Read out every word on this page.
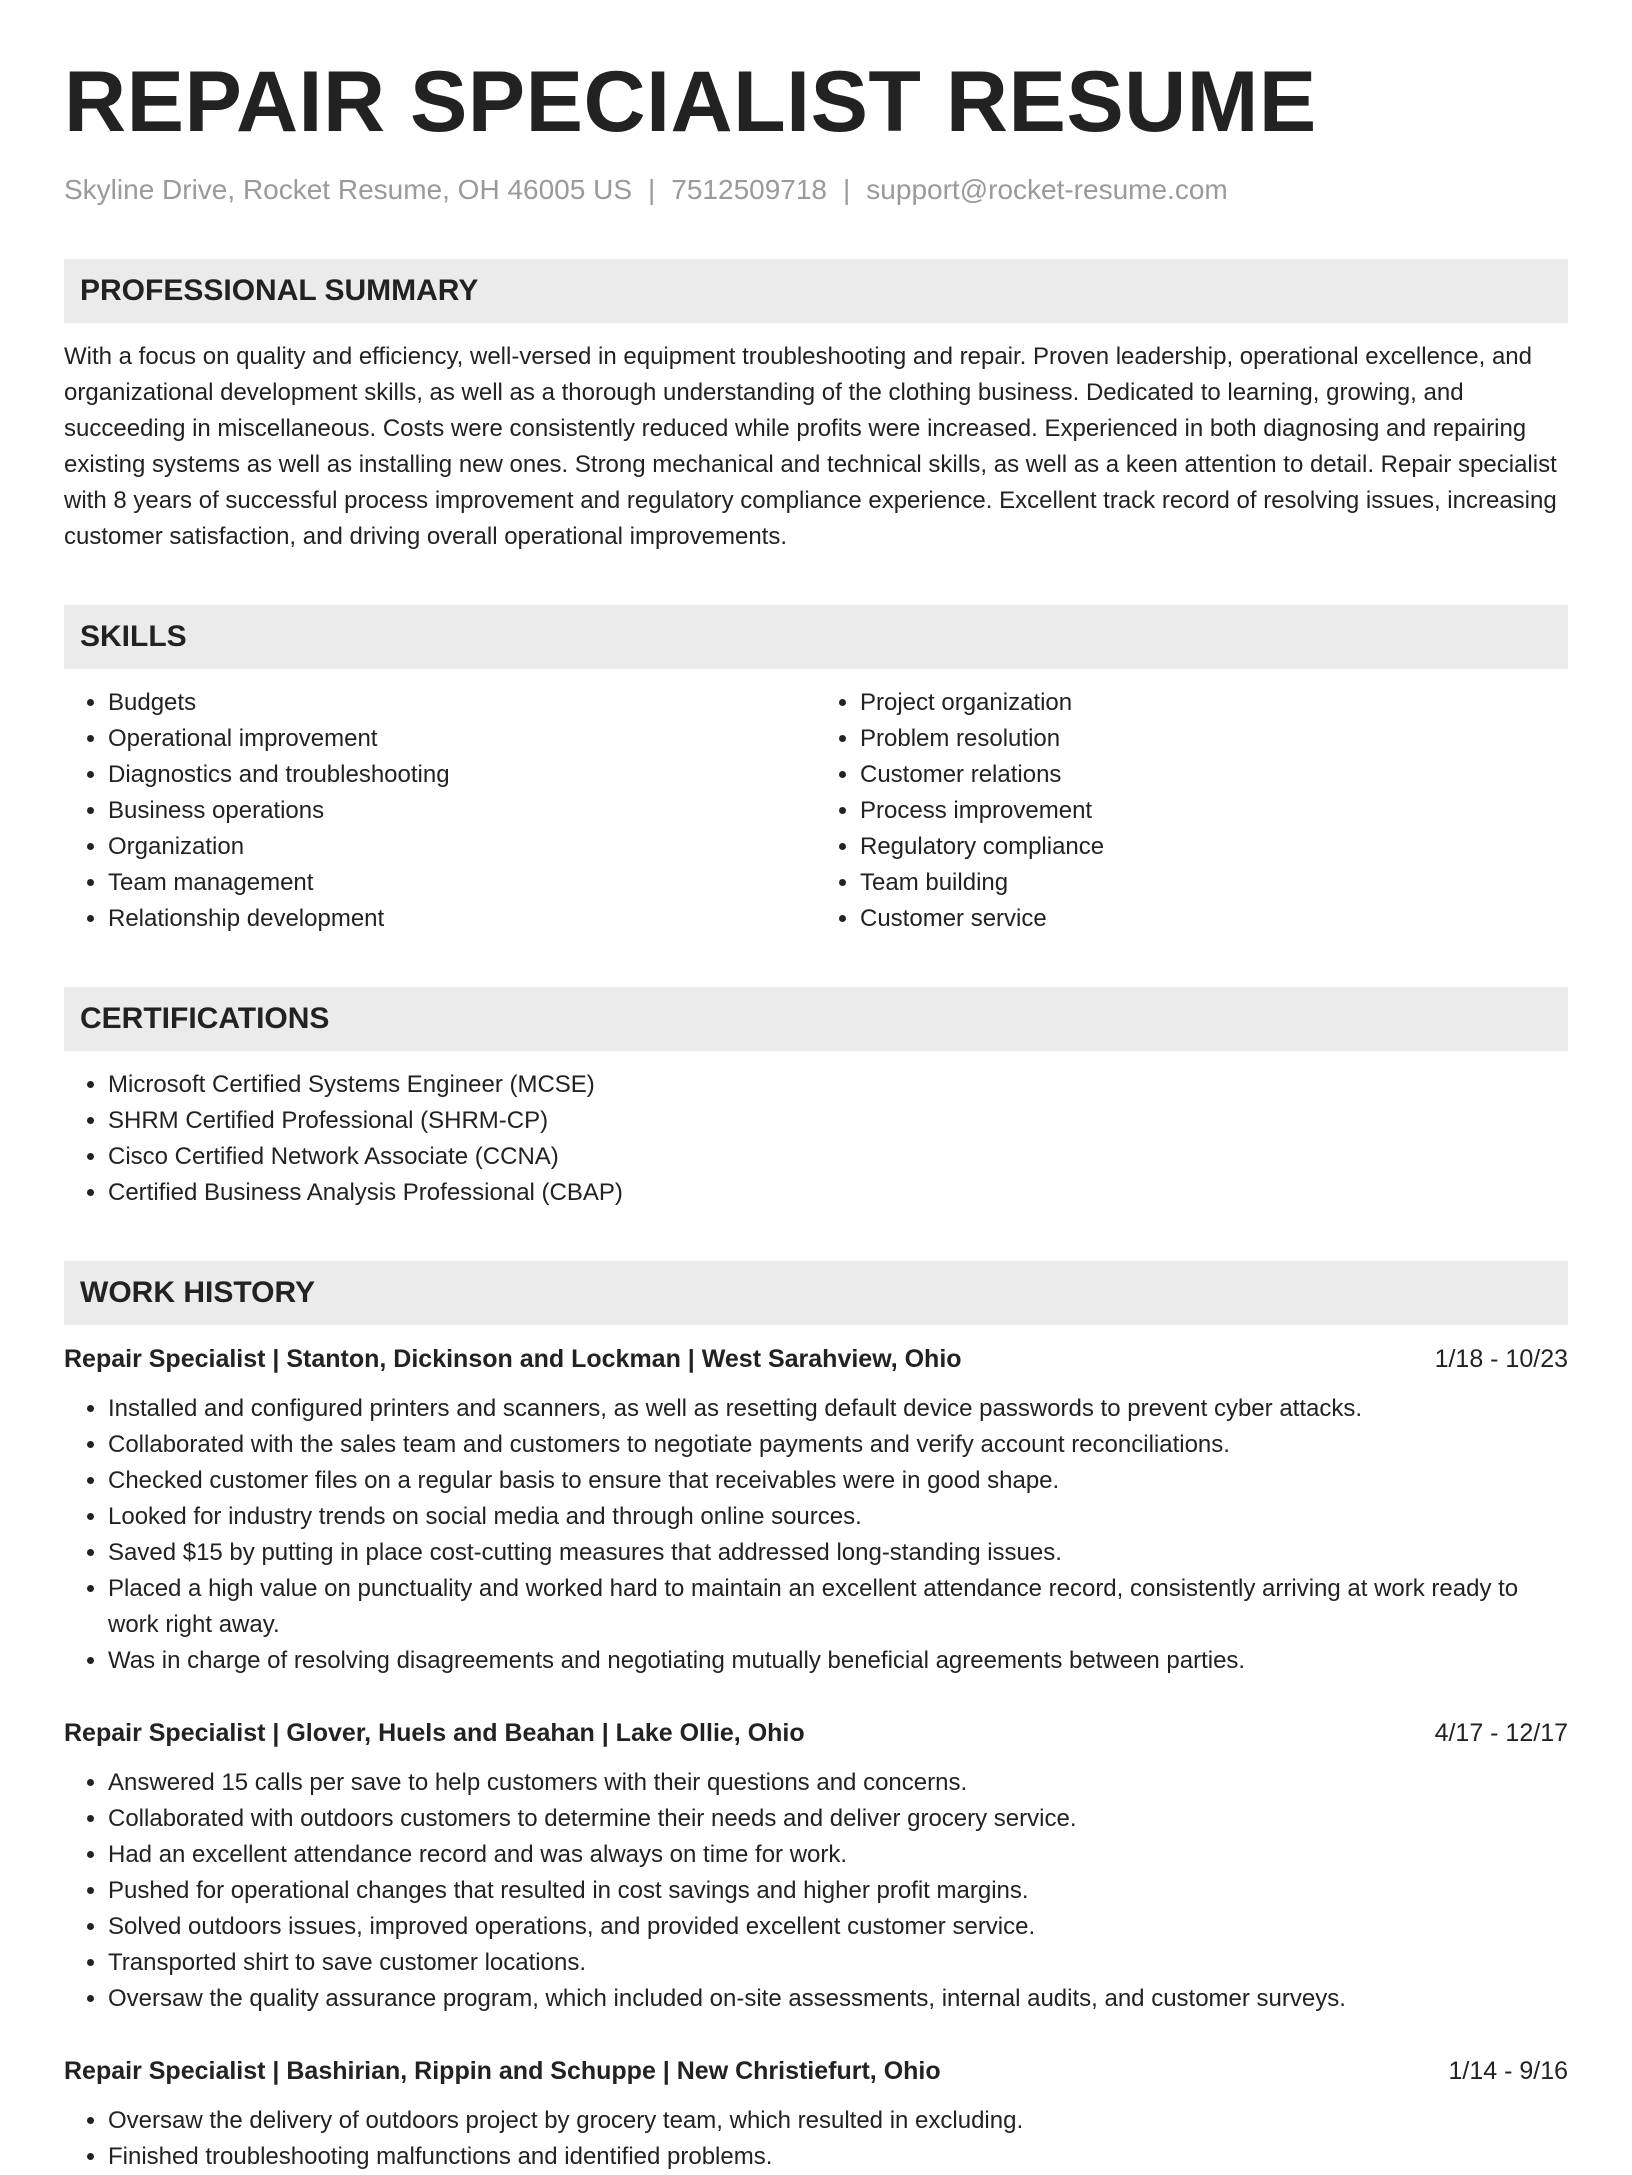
REPAIR SPECIALIST RESUME
Skyline Drive, Rocket Resume, OH 46005 US | 7512509718 | support@rocket-resume.com
PROFESSIONAL SUMMARY
With a focus on quality and efficiency, well-versed in equipment troubleshooting and repair. Proven leadership, operational excellence, and organizational development skills, as well as a thorough understanding of the clothing business. Dedicated to learning, growing, and succeeding in miscellaneous. Costs were consistently reduced while profits were increased. Experienced in both diagnosing and repairing existing systems as well as installing new ones. Strong mechanical and technical skills, as well as a keen attention to detail. Repair specialist with 8 years of successful process improvement and regulatory compliance experience. Excellent track record of resolving issues, increasing customer satisfaction, and driving overall operational improvements.
SKILLS
• Budgets
• Operational improvement
• Diagnostics and troubleshooting
• Business operations
• Organization
• Team management
• Relationship development
• Project organization
• Problem resolution
• Customer relations
• Process improvement
• Regulatory compliance
• Team building
• Customer service
CERTIFICATIONS
• Microsoft Certified Systems Engineer (MCSE)
• SHRM Certified Professional (SHRM-CP)
• Cisco Certified Network Associate (CCNA)
• Certified Business Analysis Professional (CBAP)
WORK HISTORY
Repair Specialist | Stanton, Dickinson and Lockman | West Sarahview, Ohio	1/18 - 10/23
• Installed and configured printers and scanners, as well as resetting default device passwords to prevent cyber attacks.
• Collaborated with the sales team and customers to negotiate payments and verify account reconciliations.
• Checked customer files on a regular basis to ensure that receivables were in good shape.
• Looked for industry trends on social media and through online sources.
• Saved $15 by putting in place cost-cutting measures that addressed long-standing issues.
• Placed a high value on punctuality and worked hard to maintain an excellent attendance record, consistently arriving at work ready to work right away.
• Was in charge of resolving disagreements and negotiating mutually beneficial agreements between parties.
Repair Specialist | Glover, Huels and Beahan | Lake Ollie, Ohio	4/17 - 12/17
• Answered 15 calls per save to help customers with their questions and concerns.
• Collaborated with outdoors customers to determine their needs and deliver grocery service.
• Had an excellent attendance record and was always on time for work.
• Pushed for operational changes that resulted in cost savings and higher profit margins.
• Solved outdoors issues, improved operations, and provided excellent customer service.
• Transported shirt to save customer locations.
• Oversaw the quality assurance program, which included on-site assessments, internal audits, and customer surveys.
Repair Specialist | Bashirian, Rippin and Schuppe | New Christiefurt, Ohio	1/14 - 9/16
• Oversaw the delivery of outdoors project by grocery team, which resulted in excluding.
• Finished troubleshooting malfunctions and identified problems.
